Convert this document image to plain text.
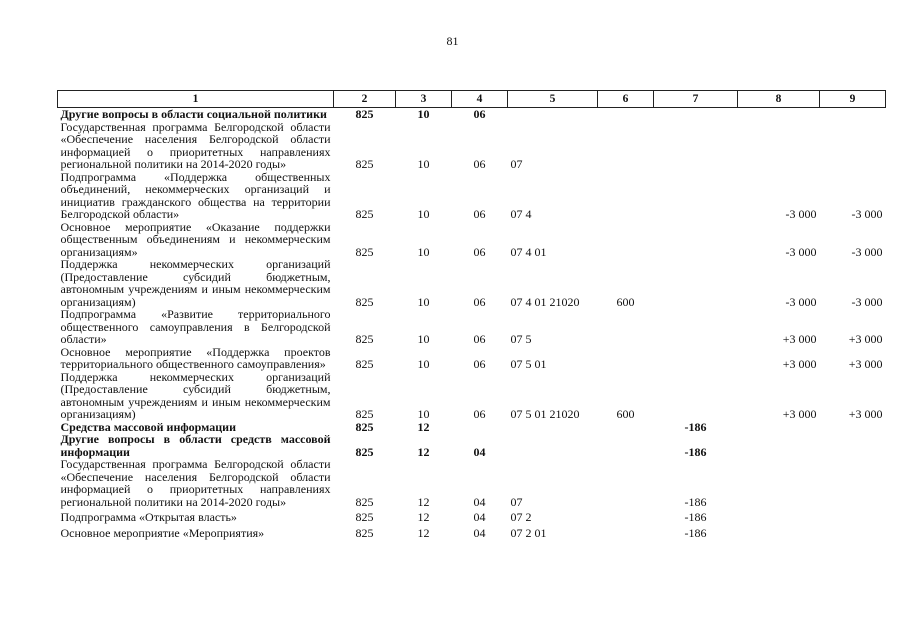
81
1	2	3	4	5	6	7	8	9
Другие вопросы в области социальной политики	825	10	06					
Государственная программа Белгородской области «Обеспечение населения Белгородской области информацией о приоритетных направлениях региональной политики на 2014-2020 годы»	825	10	06	07				
Подпрограмма «Поддержка общественных объединений, некоммерческих организаций и инициатив гражданского общества на территории Белгородской области»	825	10	06	07 4			-3 000	-3 000
Основное мероприятие «Оказание поддержки общественным объединениям и некоммерческим организациям»	825	10	06	07 4 01			-3 000	-3 000
Поддержка некоммерческих организаций (Предоставление субсидий бюджетным, автономным учреждениям и иным некоммерческим организациям)	825	10	06	07 4 01 21020	600		-3 000	-3 000
Подпрограмма «Развитие территориального общественного самоуправления в Белгородской области»	825	10	06	07 5			+3 000	+3 000
Основное мероприятие «Поддержка проектов территориального общественного самоуправления»	825	10	06	07 5 01			+3 000	+3 000
Поддержка некоммерческих организаций (Предоставление субсидий бюджетным, автономным учреждениям и иным некоммерческим организациям)	825	10	06	07 5 01 21020	600		+3 000	+3 000
Средства массовой информации	825	12				-186		
Другие вопросы в области средств массовой информации	825	12	04			-186		
Государственная программа Белгородской области «Обеспечение населения Белгородской области информацией о приоритетных направлениях региональной политики на 2014-2020 годы»	825	12	04	07		-186		
Подпрограмма «Открытая власть»	825	12	04	07 2		-186		
Основное мероприятие «Мероприятия»	825	12	04	07 2 01		-186		
